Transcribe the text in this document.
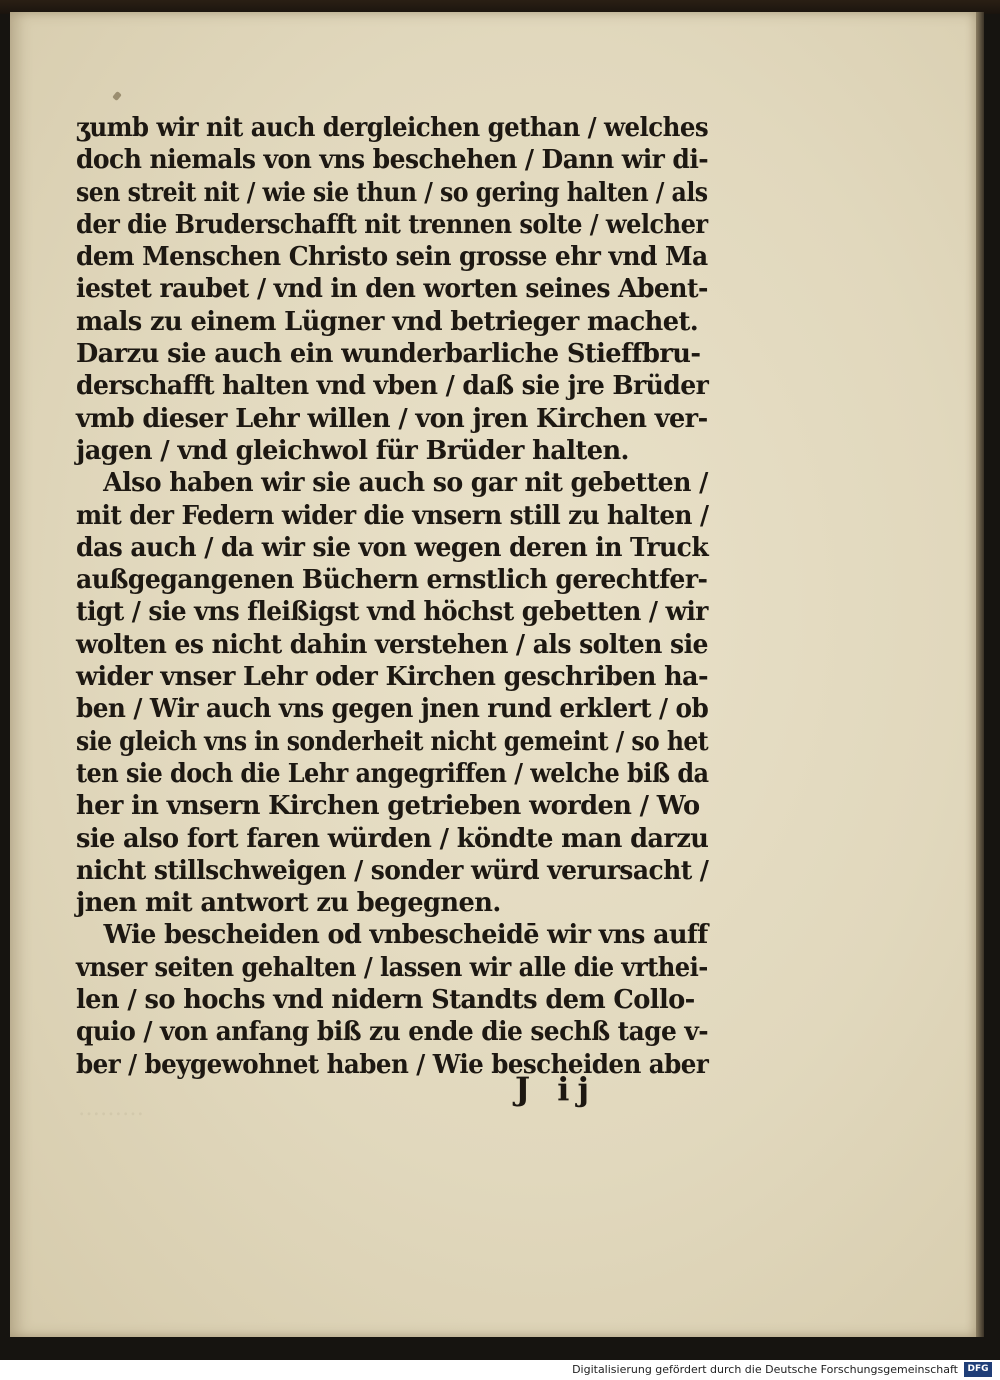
ʒumb wir nit auch dergleichen gethan / welches
doch niemals von vns beschehen / Dann wir di-
sen streit nit / wie sie thun / so gering halten / als
der die Bruderschafft nit trennen solte / welcher
dem Menschen Christo sein grosse ehr vnd Ma
iestet raubet / vnd in den worten seines Abent-
mals zu einem Lügner vnd betrieger machet.
Darzu sie auch ein wunderbarliche Stieffbru-
derschafft halten vnd vben / daß sie jre Brüder
vmb dieser Lehr willen / von jren Kirchen ver-
jagen / vnd gleichwol für Brüder halten.
Also haben wir sie auch so gar nit gebetten /
mit der Federn wider die vnsern still zu halten /
das auch / da wir sie von wegen deren in Truck
außgegangenen Büchern ernstlich gerechtfer-
tigt / sie vns fleißigst vnd höchst gebetten / wir
wolten es nicht dahin verstehen / als solten sie
wider vnser Lehr oder Kirchen geschriben ha-
ben / Wir auch vns gegen jnen rund erklert / ob
sie gleich vns in sonderheit nicht gemeint / so het
ten sie doch die Lehr angegriffen / welche biß da
her in vnsern Kirchen getrieben worden / Wo
sie also fort faren würden / köndte man darzu
nicht stillschweigen / sonder würd verursacht /
jnen mit antwort zu begegnen.
Wie bescheiden od vnbescheidē wir vns auff
vnser seiten gehalten / lassen wir alle die vrthei-
len / so hochs vnd nidern Standts dem Collo-
quio / von anfang biß zu ende die sechß tage v-
ber / beygewohnet haben / Wie bescheiden aber
………
J ij
Digitalisierung gefördert durch die Deutsche Forschungsgemeinschaft	DFG
